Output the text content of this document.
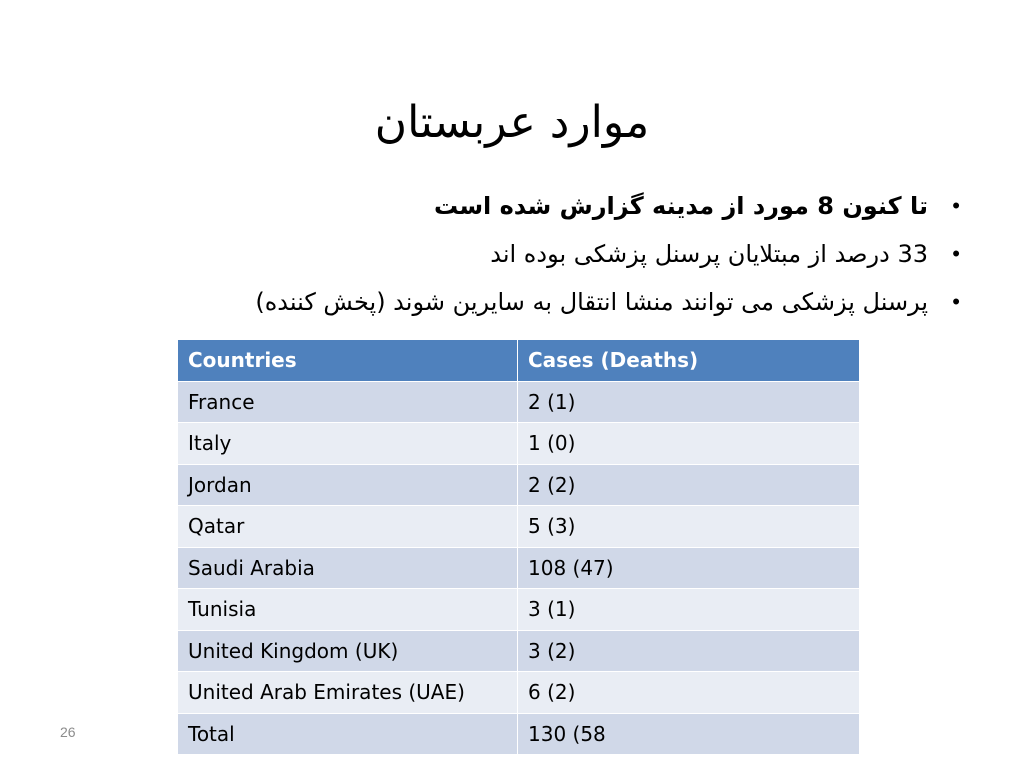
موارد عربستان
•
تا کنون 8 مورد از مدینه گزارش شده است
•
33 درصد از مبتلایان پرسنل پزشکی بوده اند
•
پرسنل پزشکی می توانند منشا انتقال به سایرین شوند (پخش کننده)
Countries	Cases (Deaths)
France	2 (1)
Italy	1 (0)
Jordan	2 (2)
Qatar	5 (3)
Saudi Arabia	108 (47)
Tunisia	3 (1)
United Kingdom (UK)	3 (2)
United Arab Emirates (UAE)	6 (2)
Total	130 (58
26
